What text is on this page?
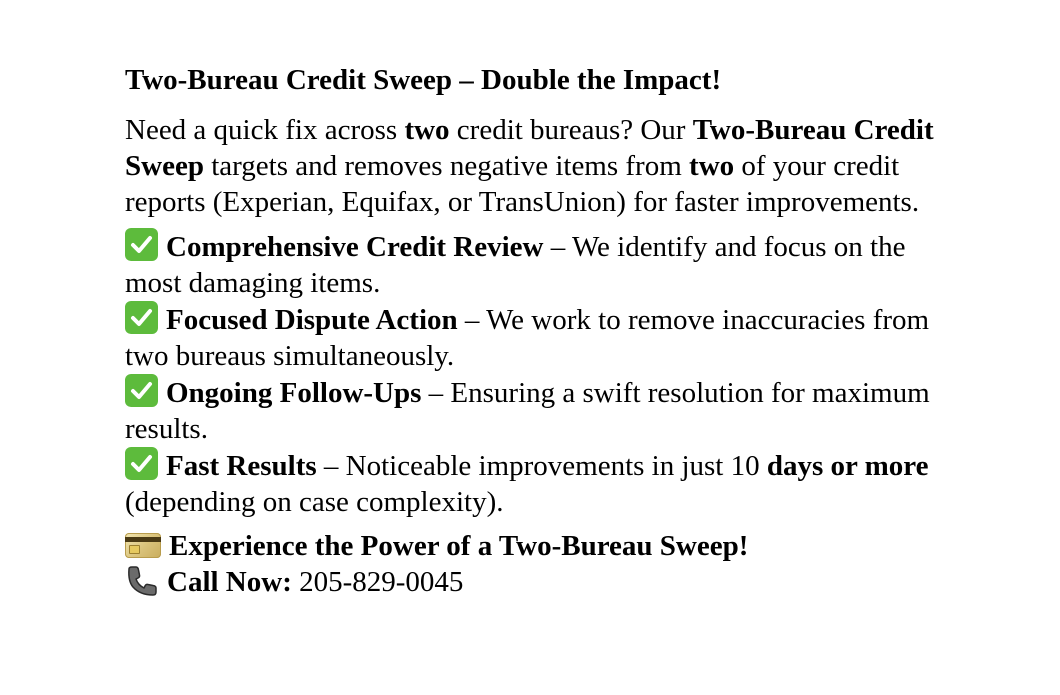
Two-Bureau Credit Sweep – Double the Impact!

Need a quick fix across two credit bureaus? Our Two-Bureau Credit Sweep targets and removes negative items from two of your credit reports (Experian, Equifax, or TransUnion) for faster improvements.

Comprehensive Credit Review – We identify and focus on the most damaging items.
Focused Dispute Action – We work to remove inaccuracies from two bureaus simultaneously.
Ongoing Follow-Ups – Ensuring a swift resolution for maximum results.
Fast Results – Noticeable improvements in just 10 days or more (depending on case complexity).

Experience the Power of a Two-Bureau Sweep!

Call Now: 205-829-0045
